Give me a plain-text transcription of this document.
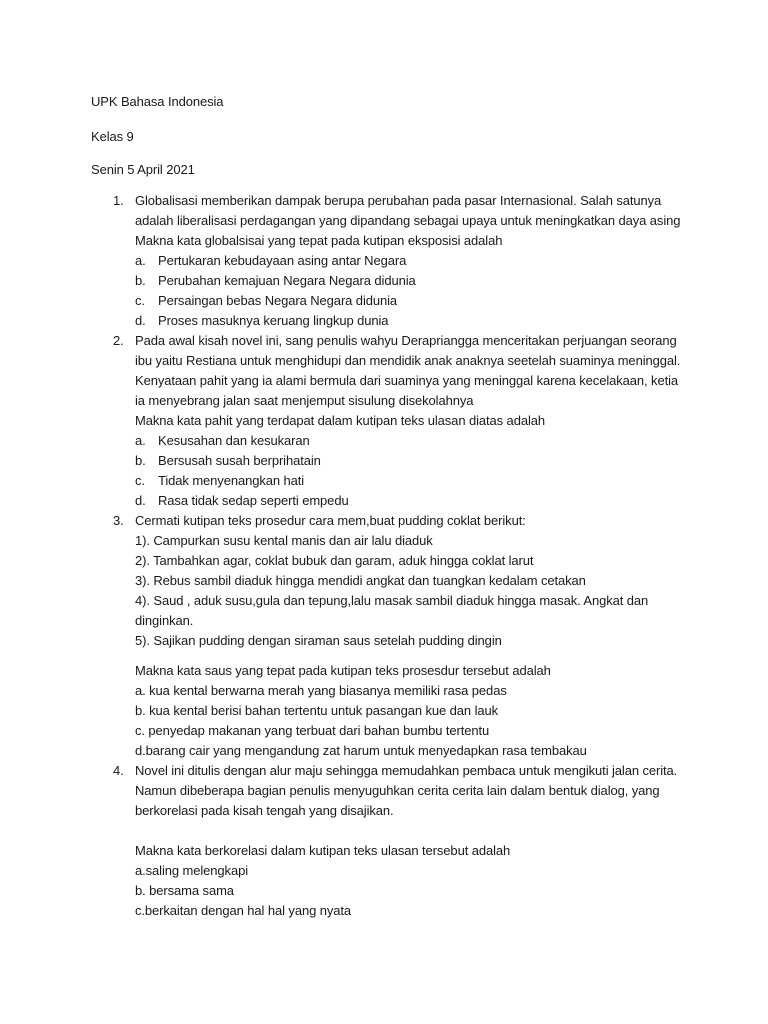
UPK Bahasa Indonesia
Kelas 9
Senin 5 April 2021
1. Globalisasi memberikan dampak berupa perubahan pada pasar Internasional. Salah satunya
adalah liberalisasi perdagangan yang dipandang sebagai upaya untuk meningkatkan daya asing
Makna kata globalsisai yang tepat pada kutipan eksposisi adalah
a. Pertukaran kebudayaan asing antar Negara
b. Perubahan kemajuan Negara Negara didunia
c. Persaingan bebas Negara Negara didunia
d. Proses masuknya keruang lingkup dunia
2. Pada awal kisah novel ini, sang penulis wahyu Derapriangga menceritakan perjuangan seorang
ibu yaitu Restiana untuk menghidupi dan mendidik anak anaknya seetelah suaminya meninggal.
Kenyataan pahit yang ia alami bermula dari suaminya yang meninggal karena kecelakaan, ketia
ia menyebrang jalan saat menjemput sisulung disekolahnya
Makna kata pahit yang terdapat dalam kutipan teks ulasan diatas adalah
a. Kesusahan dan kesukaran
b. Bersusah susah berprihatain
c. Tidak menyenangkan hati
d. Rasa tidak sedap seperti empedu
3. Cermati kutipan teks prosedur cara mem,buat pudding coklat berikut:
1). Campurkan susu kental manis dan air lalu diaduk
2). Tambahkan agar, coklat bubuk dan garam, aduk hingga coklat larut
3). Rebus sambil diaduk hingga mendidi angkat dan tuangkan kedalam cetakan
4). Saud , aduk susu,gula dan tepung,lalu masak sambil diaduk hingga masak. Angkat dan
dinginkan.
5). Sajikan pudding dengan siraman saus setelah pudding dingin
Makna kata saus yang tepat pada kutipan teks prosesdur tersebut adalah
a. kua kental berwarna merah yang biasanya memiliki rasa pedas
b. kua kental berisi bahan tertentu untuk pasangan kue dan lauk
c. penyedap makanan yang terbuat dari bahan bumbu tertentu
d.barang cair yang mengandung zat harum untuk menyedapkan rasa tembakau
4. Novel ini ditulis dengan alur maju sehingga memudahkan pembaca untuk mengikuti jalan cerita.
Namun dibeberapa bagian penulis menyuguhkan cerita cerita lain dalam bentuk dialog, yang
berkorelasi pada kisah tengah yang disajikan.
Makna kata berkorelasi dalam kutipan teks ulasan tersebut adalah
a.saling melengkapi
b. bersama sama
c.berkaitan dengan hal hal yang nyata
